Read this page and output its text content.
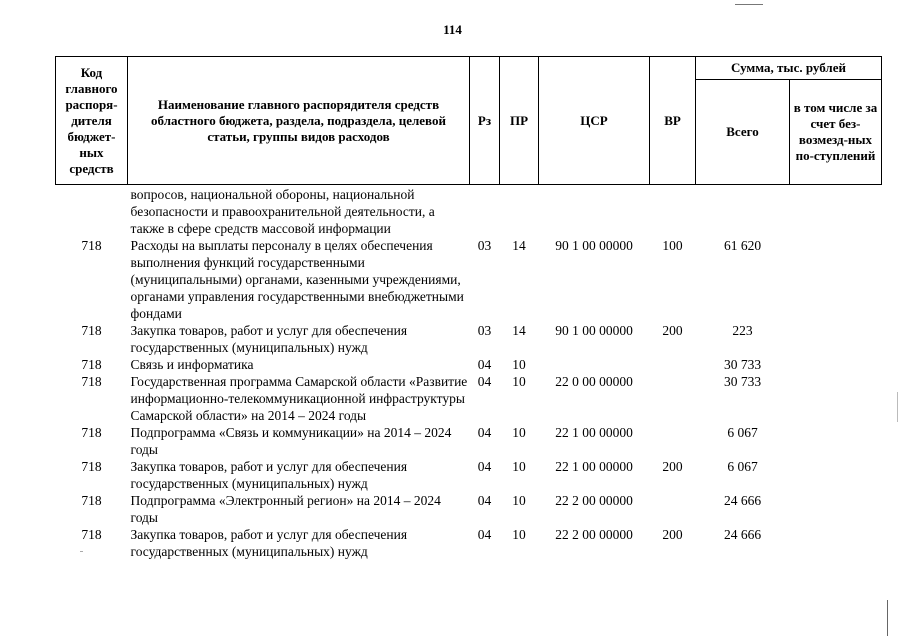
114
Код главного распоря-дителя бюджет-ных средств	Наименование главного распорядителя средств областного бюджета, раздела, подраздела, целевой статьи, группы видов расходов	Рз	ПР	ЦСР	ВР	Сумма, тыс. рублей	
						Всего	в том числе за счет без-возмезд-ных по-ступлений
	вопросов, национальной обороны, национальной безопасности и правоохранительной деятельности, а также в сфере средств массовой информации						
718	Расходы на выплаты персоналу в целях обеспечения выполнения функций государственными (муниципальными) органами, казенными учреждениями, органами управления государственными внебюджетными фондами	03	14	90 1 00 00000	100	61 620	
718	Закупка товаров, работ и услуг для обеспечения государственных (муниципальных) нужд	03	14	90 1 00 00000	200	223	
718	Связь и информатика	04	10			30 733	
718	Государственная программа Самарской области «Развитие информационно-телекоммуникационной инфраструктуры Самарской области» на 2014 – 2024 годы	04	10	22 0 00 00000		30 733	
718	Подпрограмма «Связь и коммуникации» на 2014 – 2024 годы	04	10	22 1 00 00000		6 067	
718	Закупка товаров, работ и услуг для обеспечения государственных (муниципальных) нужд	04	10	22 1 00 00000	200	6 067	
718	Подпрограмма «Электронный регион» на 2014 – 2024 годы	04	10	22 2 00 00000		24 666	
718	Закупка товаров, работ и услуг для обеспечения государственных (муниципальных) нужд	04	10	22 2 00 00000	200	24 666	
